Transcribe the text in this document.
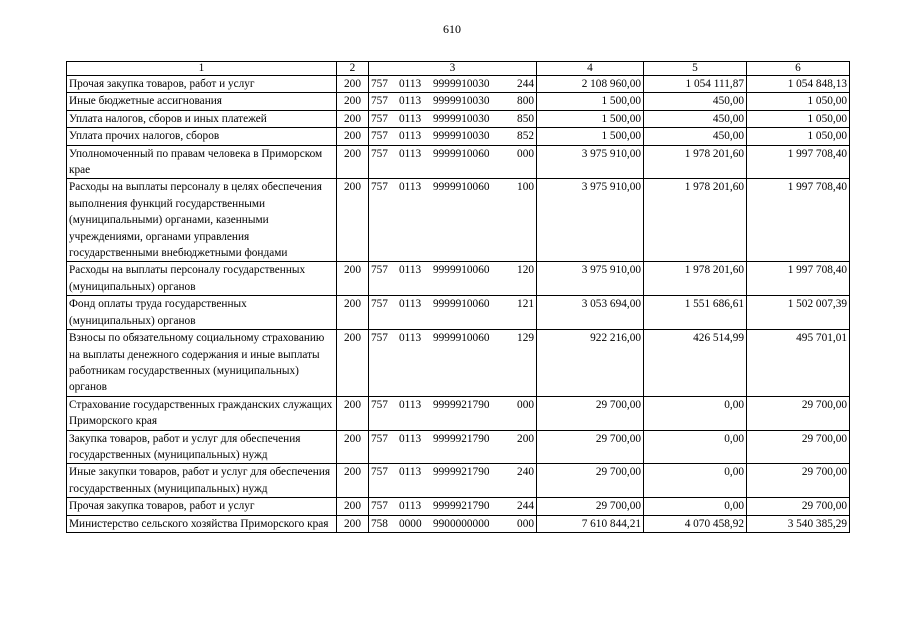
610
1	2	3	4	5	6
Прочая закупка товаров, работ и услуг	200	757 0113 9999910030 244	2 108 960,00	1 054 111,87	1 054 848,13
Иные бюджетные ассигнования	200	757 0113 9999910030 800	1 500,00	450,00	1 050,00
Уплата налогов, сборов и иных платежей	200	757 0113 9999910030 850	1 500,00	450,00	1 050,00
Уплата прочих налогов, сборов	200	757 0113 9999910030 852	1 500,00	450,00	1 050,00
Уполномоченный по правам человека в Приморском крае	200	757 0113 9999910060 000	3 975 910,00	1 978 201,60	1 997 708,40
Расходы на выплаты персоналу в целях обеспечения выполнения функций государственными (муниципальными) органами, казенными учреждениями, органами управления государственными внебюджетными фондами	200	757 0113 9999910060 100	3 975 910,00	1 978 201,60	1 997 708,40
Расходы на выплаты персоналу государственных (муниципальных) органов	200	757 0113 9999910060 120	3 975 910,00	1 978 201,60	1 997 708,40
Фонд оплаты труда государственных (муниципальных) органов	200	757 0113 9999910060 121	3 053 694,00	1 551 686,61	1 502 007,39
Взносы по обязательному социальному страхованию на выплаты денежного содержания и иные выплаты работникам государственных (муниципальных) органов	200	757 0113 9999910060 129	922 216,00	426 514,99	495 701,01
Страхование государственных гражданских служащих Приморского края	200	757 0113 9999921790 000	29 700,00	0,00	29 700,00
Закупка товаров, работ и услуг для обеспечения государственных (муниципальных) нужд	200	757 0113 9999921790 200	29 700,00	0,00	29 700,00
Иные закупки товаров, работ и услуг для обеспечения государственных (муниципальных) нужд	200	757 0113 9999921790 240	29 700,00	0,00	29 700,00
Прочая закупка товаров, работ и услуг	200	757 0113 9999921790 244	29 700,00	0,00	29 700,00
Министерство сельского хозяйства Приморского края	200	758 0000 9900000000 000	7 610 844,21	4 070 458,92	3 540 385,29
